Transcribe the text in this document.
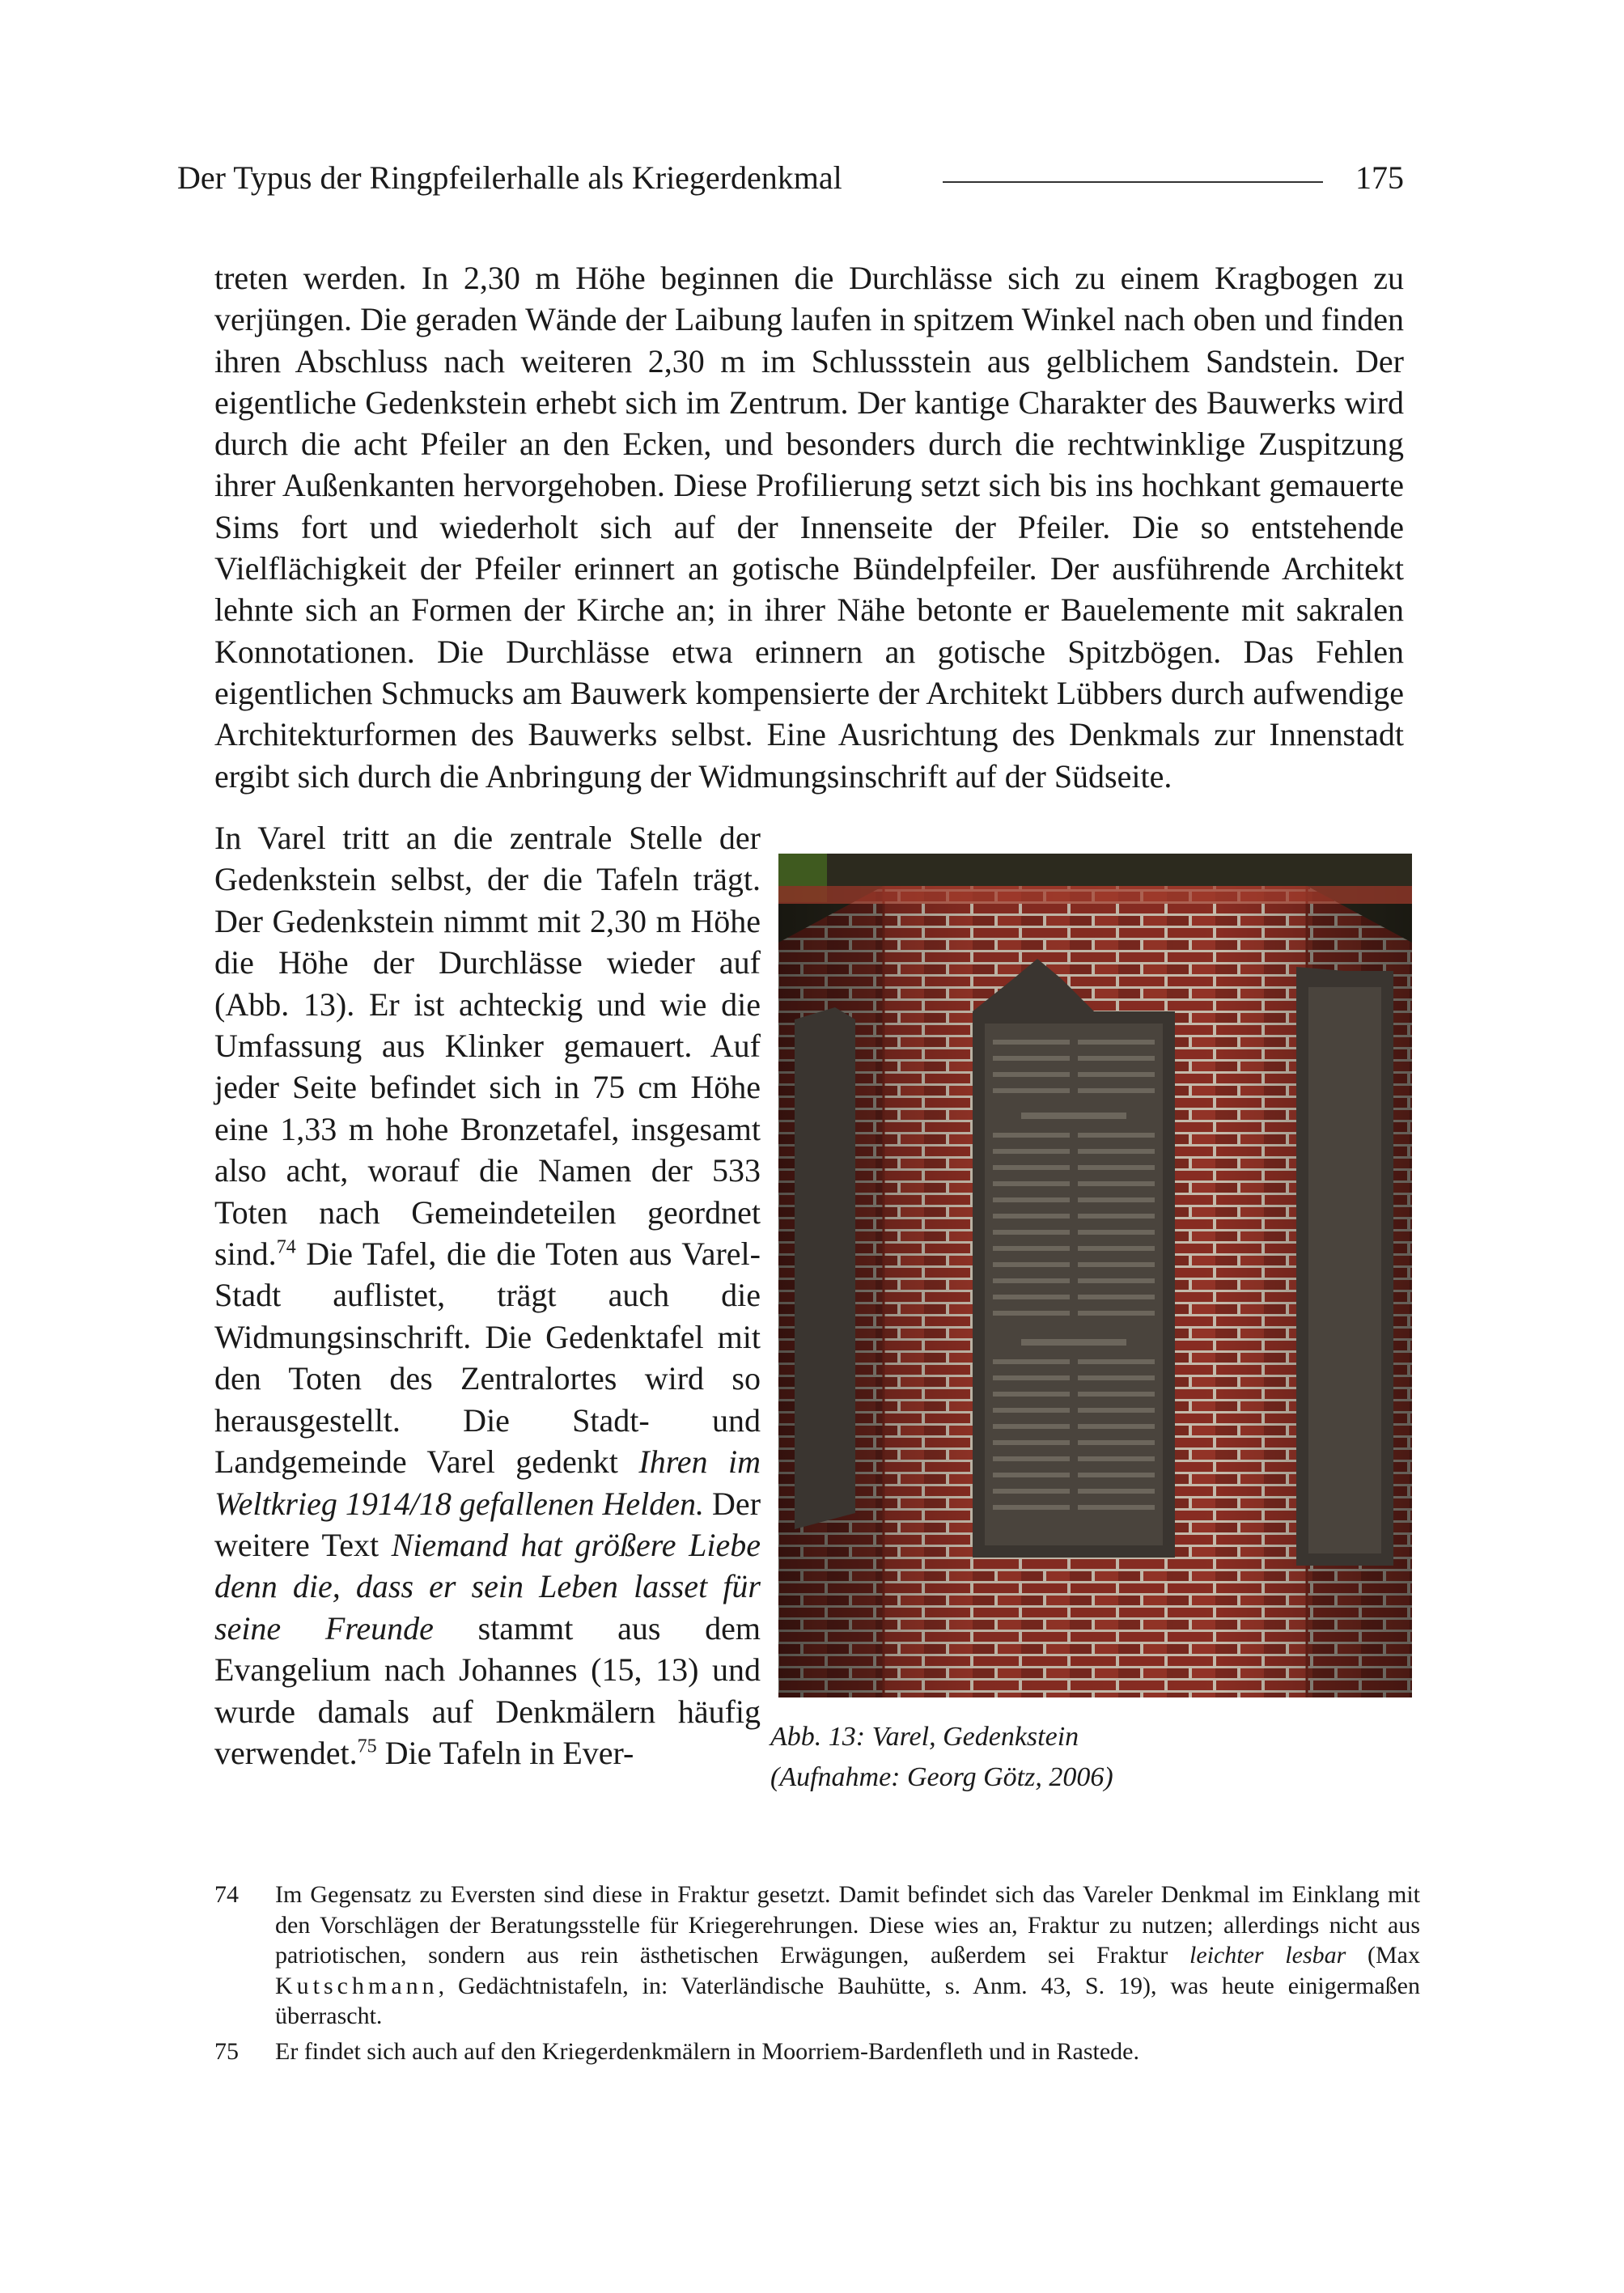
Der Typus der Ringpfeilerhalle als Kriegerdenkmal	175

treten werden. In 2,30 m Höhe beginnen die Durchlässe sich zu einem Kragbogen zu verjüngen. Die geraden Wände der Laibung laufen in spitzem Winkel nach oben und finden ihren Abschluss nach weiteren 2,30 m im Schlussstein aus gelblichem Sandstein. Der eigentliche Gedenkstein erhebt sich im Zentrum. Der kantige Charakter des Bauwerks wird durch die acht Pfeiler an den Ecken, und besonders durch die rechtwinklige Zuspitzung ihrer Außenkanten hervorgehoben. Diese Profilierung setzt sich bis ins hochkant gemauerte Sims fort und wiederholt sich auf der Innenseite der Pfeiler. Die so entstehende Vielflächigkeit der Pfeiler erinnert an gotische Bündelpfeiler. Der ausführende Architekt lehnte sich an Formen der Kirche an; in ihrer Nähe betonte er Bauelemente mit sakralen Konnotationen. Die Durchlässe etwa erinnern an gotische Spitzbögen. Das Fehlen eigentlichen Schmucks am Bauwerk kompensierte der Architekt Lübbers durch aufwendige Architekturformen des Bauwerks selbst. Eine Ausrichtung des Denkmals zur Innenstadt ergibt sich durch die Anbringung der Widmungsinschrift auf der Südseite.

In Varel tritt an die zentrale Stelle der Gedenkstein selbst, der die Tafeln trägt. Der Gedenkstein nimmt mit 2,30 m Höhe die Höhe der Durchlässe wieder auf (Abb. 13). Er ist achteckig und wie die Umfassung aus Klinker gemauert. Auf jeder Seite befindet sich in 75 cm Höhe eine 1,33 m hohe Bronzetafel, insgesamt also acht, worauf die Namen der 533 Toten nach Gemeindeteilen geordnet sind.$^{74}$ Die Tafel, die die Toten aus Varel-Stadt auflistet, trägt auch die Widmungsinschrift. Die Gedenktafel mit den Toten des Zentralortes wird so herausgestellt. Die Stadt- und Landgemeinde Varel gedenkt Ihren im Weltkrieg 1914/18 gefallenen Helden. Der weitere Text Niemand hat größere Liebe denn die, dass er sein Leben lasset für seine Freunde stammt aus dem Evangelium nach Johannes (15, 13) und wurde damals auf Denkmälern häufig verwendet.$^{75}$ Die Tafeln in Ever-	Abb. 13: Varel, Gedenkstein
(Aufnahme: Georg Götz, 2006)
74	Im Gegensatz zu Eversten sind diese in Fraktur gesetzt. Damit befindet sich das Vareler Denkmal im Einklang mit den Vorschlägen der Beratungsstelle für Kriegerehrungen. Diese wies an, Fraktur zu nutzen; allerdings nicht aus patriotischen, sondern aus rein ästhetischen Erwägungen, außerdem sei Fraktur leichter lesbar (Max Kutschmann, Gedächtnistafeln, in: Vaterländische Bauhütte, s. Anm. 43, S. 19), was heute einigermaßen überrascht.
75	Er findet sich auch auf den Kriegerdenkmälern in Moorriem-Bardenfleth und in Rastede.
